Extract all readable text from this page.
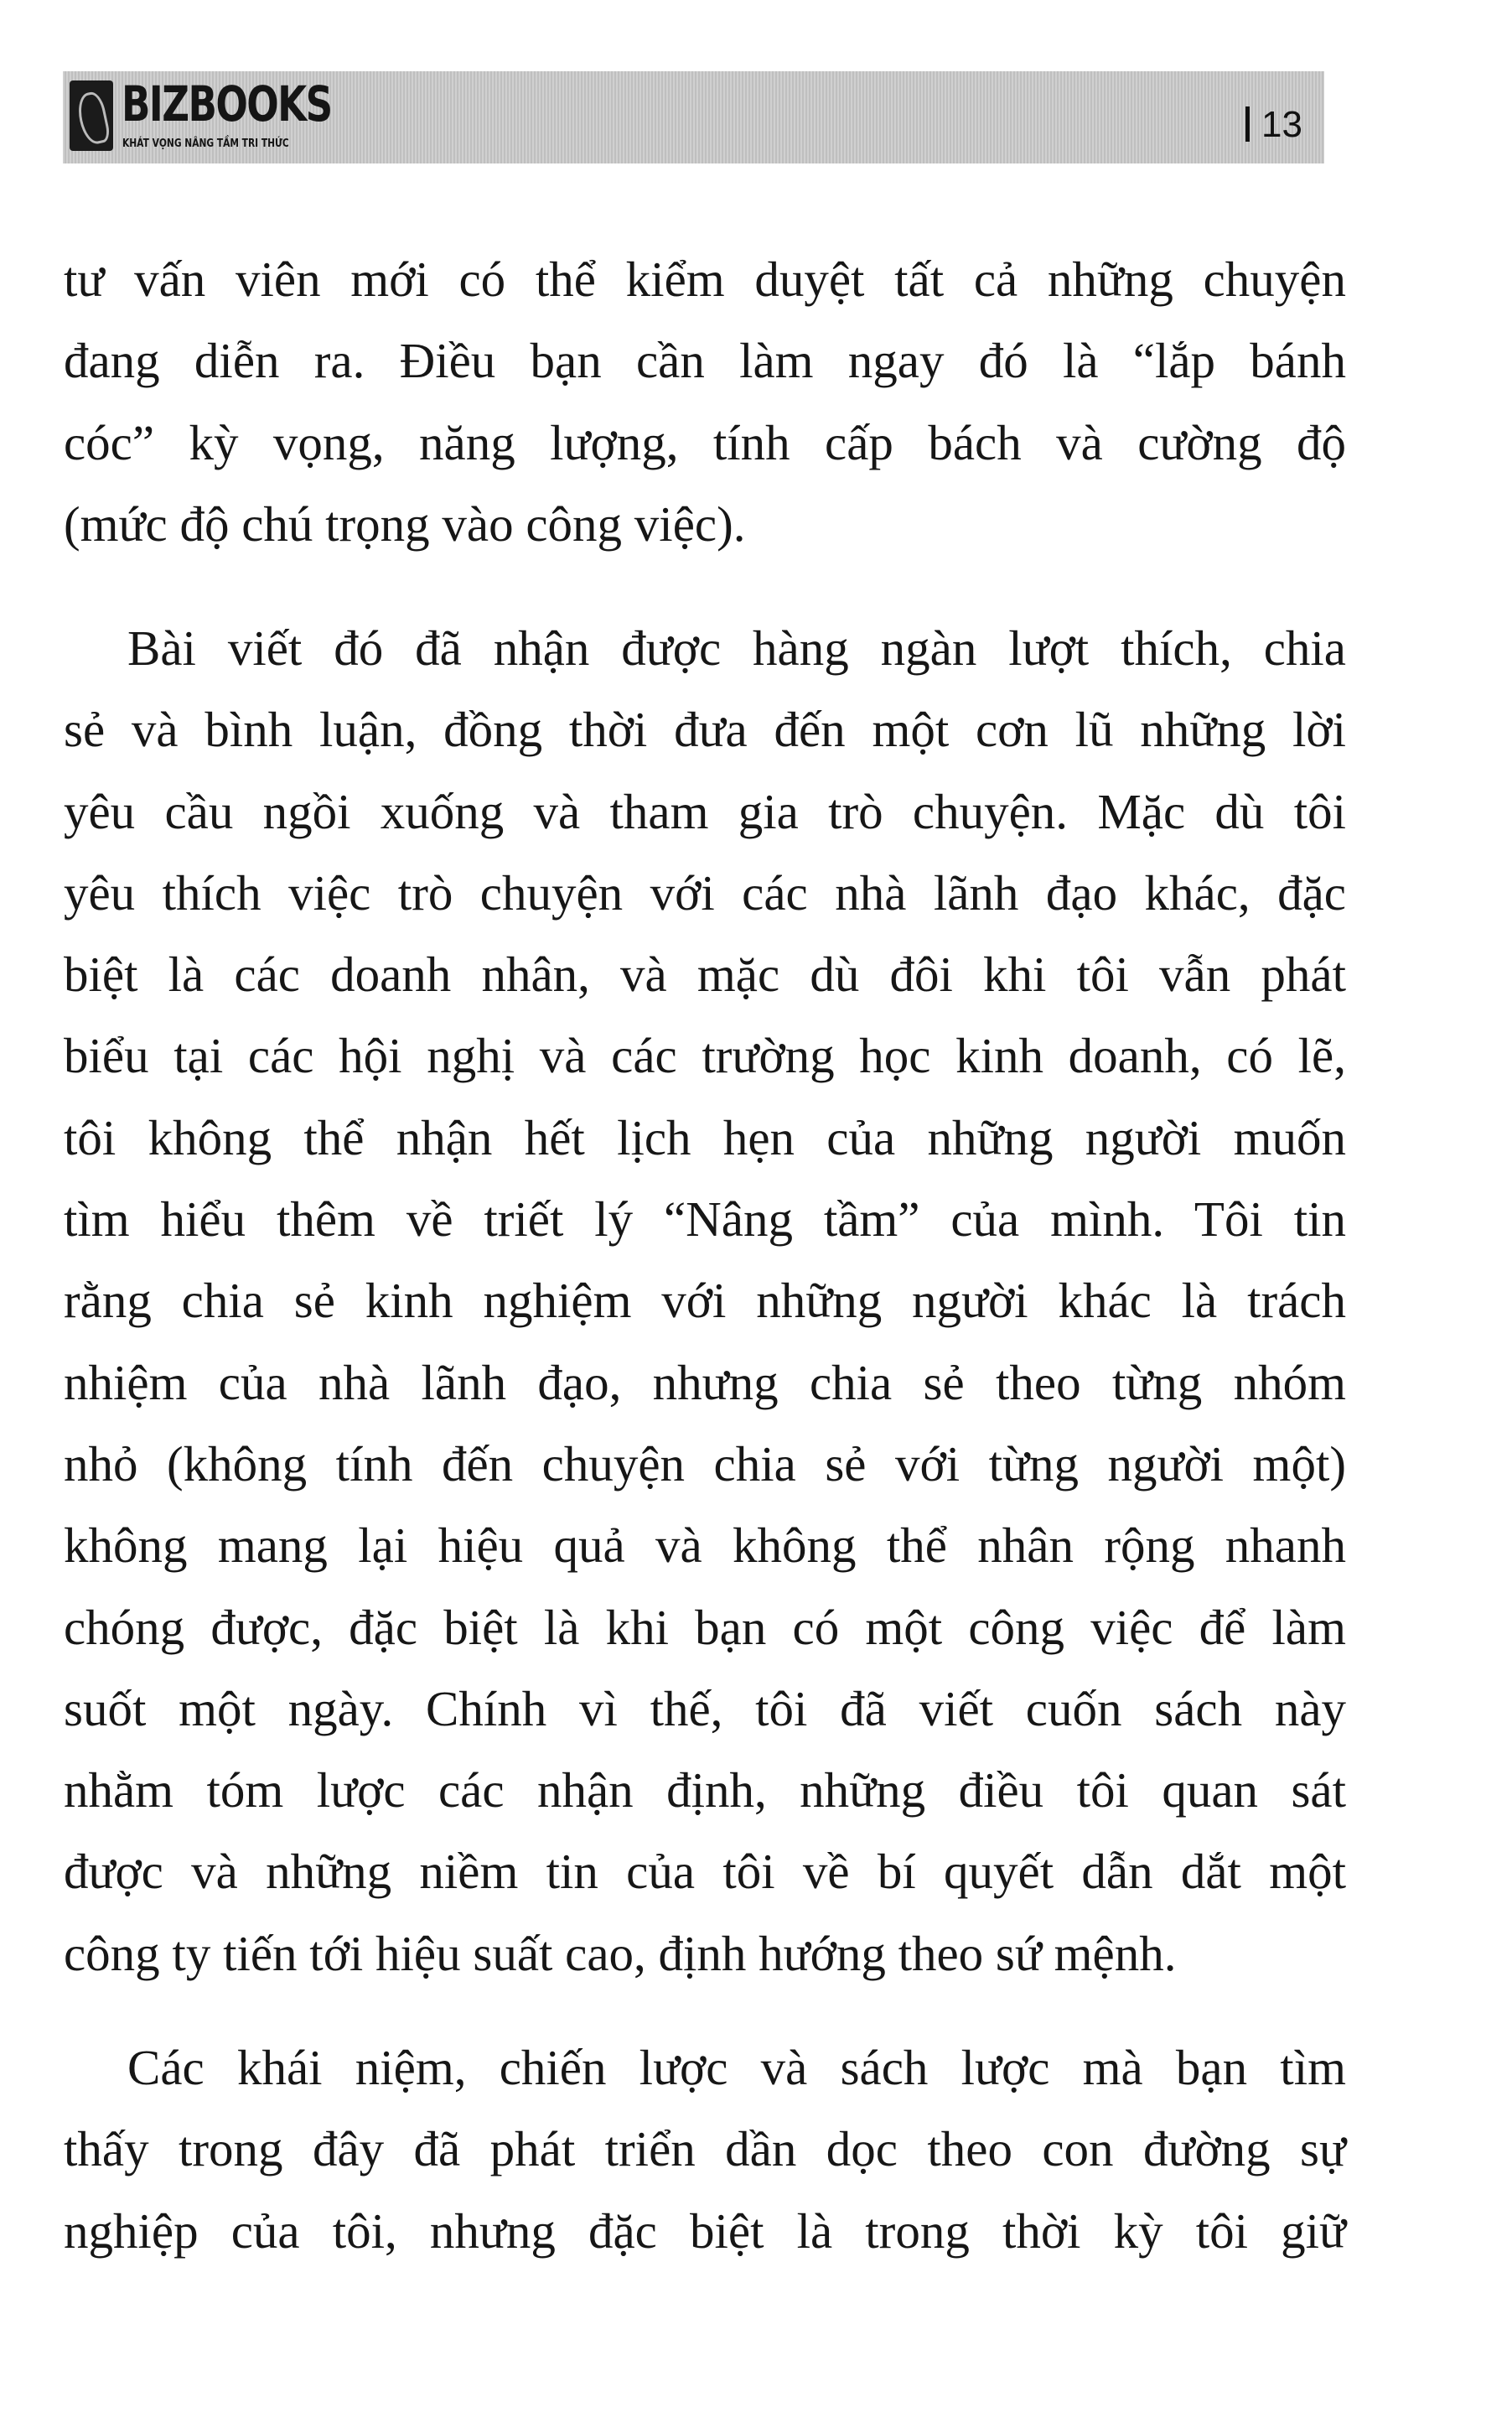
BIZBOOKS
KHÁT VỌNG NÂNG TẦM TRI THỨC	13
tư vấn viên mới có thể kiểm duyệt tất cả những chuyện
đang diễn ra. Điều bạn cần làm ngay đó là “lắp bánh
cóc” kỳ vọng, năng lượng, tính cấp bách và cường độ
(mức độ chú trọng vào công việc).
Bài viết đó đã nhận được hàng ngàn lượt thích, chia
sẻ và bình luận, đồng thời đưa đến một cơn lũ những lời
yêu cầu ngồi xuống và tham gia trò chuyện. Mặc dù tôi
yêu thích việc trò chuyện với các nhà lãnh đạo khác, đặc
biệt là các doanh nhân, và mặc dù đôi khi tôi vẫn phát
biểu tại các hội nghị và các trường học kinh doanh, có lẽ,
tôi không thể nhận hết lịch hẹn của những người muốn
tìm hiểu thêm về triết lý “Nâng tầm” của mình. Tôi tin
rằng chia sẻ kinh nghiệm với những người khác là trách
nhiệm của nhà lãnh đạo, nhưng chia sẻ theo từng nhóm
nhỏ (không tính đến chuyện chia sẻ với từng người một)
không mang lại hiệu quả và không thể nhân rộng nhanh
chóng được, đặc biệt là khi bạn có một công việc để làm
suốt một ngày. Chính vì thế, tôi đã viết cuốn sách này
nhằm tóm lược các nhận định, những điều tôi quan sát
được và những niềm tin của tôi về bí quyết dẫn dắt một
công ty tiến tới hiệu suất cao, định hướng theo sứ mệnh.
Các khái niệm, chiến lược và sách lược mà bạn tìm
thấy trong đây đã phát triển dần dọc theo con đường sự
nghiệp của tôi, nhưng đặc biệt là trong thời kỳ tôi giữ
